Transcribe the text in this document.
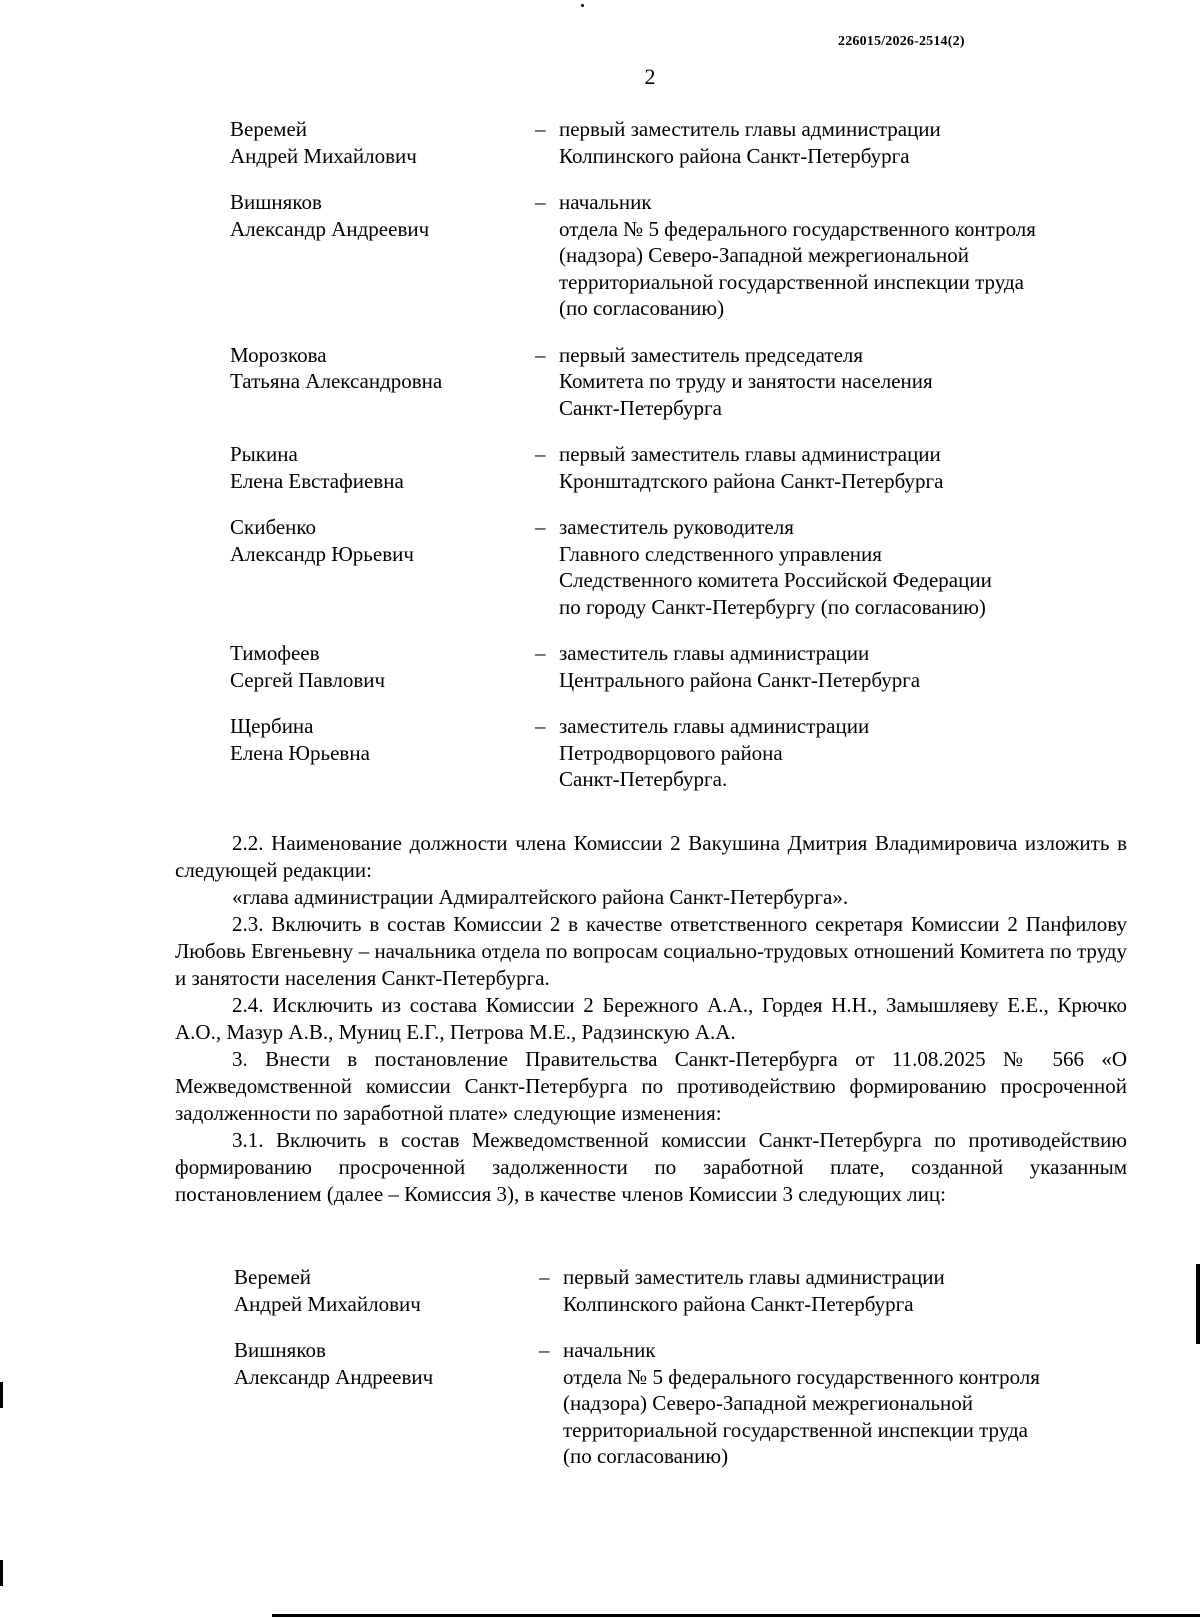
226015/2026-2514(2)
2
Веремей
Андрей Михайлович
– первый заместитель главы администрации
Колпинского района Санкт-Петербурга
Вишняков
Александр Андреевич
– начальник
отдела № 5 федерального государственного контроля
(надзора) Северо-Западной межрегиональной
территориальной государственной инспекции труда
(по согласованию)
Морозкова
Татьяна Александровна
– первый заместитель председателя
Комитета по труду и занятости населения
Санкт-Петербурга
Рыкина
Елена Евстафиевна
– первый заместитель главы администрации
Кронштадтского района Санкт-Петербурга
Скибенко
Александр Юрьевич
– заместитель руководителя
Главного следственного управления
Следственного комитета Российской Федерации
по городу Санкт-Петербургу (по согласованию)
Тимофеев
Сергей Павлович
– заместитель главы администрации
Центрального района Санкт-Петербурга
Щербина
Елена Юрьевна
– заместитель главы администрации
Петродворцового района
Санкт-Петербурга.

2.2. Наименование должности члена Комиссии 2 Вакушина Дмитрия Владимировича изложить в следующей редакции:

«глава администрации Адмиралтейского района Санкт-Петербурга».

2.3. Включить в состав Комиссии 2 в качестве ответственного секретаря Комиссии 2 Панфилову Любовь Евгеньевну – начальника отдела по вопросам социально-трудовых отношений Комитета по труду и занятости населения Санкт-Петербурга.

2.4. Исключить из состава Комиссии 2 Бережного А.А., Гордея Н.Н., Замышляеву Е.Е., Крючко А.О., Мазур А.В., Муниц Е.Г., Петрова М.Е., Радзинскую А.А.

3. Внести в постановление Правительства Санкт-Петербурга от 11.08.2025 № 566 «О Межведомственной комиссии Санкт-Петербурга по противодействию формированию просроченной задолженности по заработной плате» следующие изменения:

3.1. Включить в состав Межведомственной комиссии Санкт-Петербурга по противодействию формированию просроченной задолженности по заработной плате, созданной указанным постановлением (далее – Комиссия 3), в качестве членов Комиссии 3 следующих лиц:

Веремей
Андрей Михайлович
– первый заместитель главы администрации
Колпинского района Санкт-Петербурга
Вишняков
Александр Андреевич
– начальник
отдела № 5 федерального государственного контроля
(надзора) Северо-Западной межрегиональной
территориальной государственной инспекции труда
(по согласованию)
